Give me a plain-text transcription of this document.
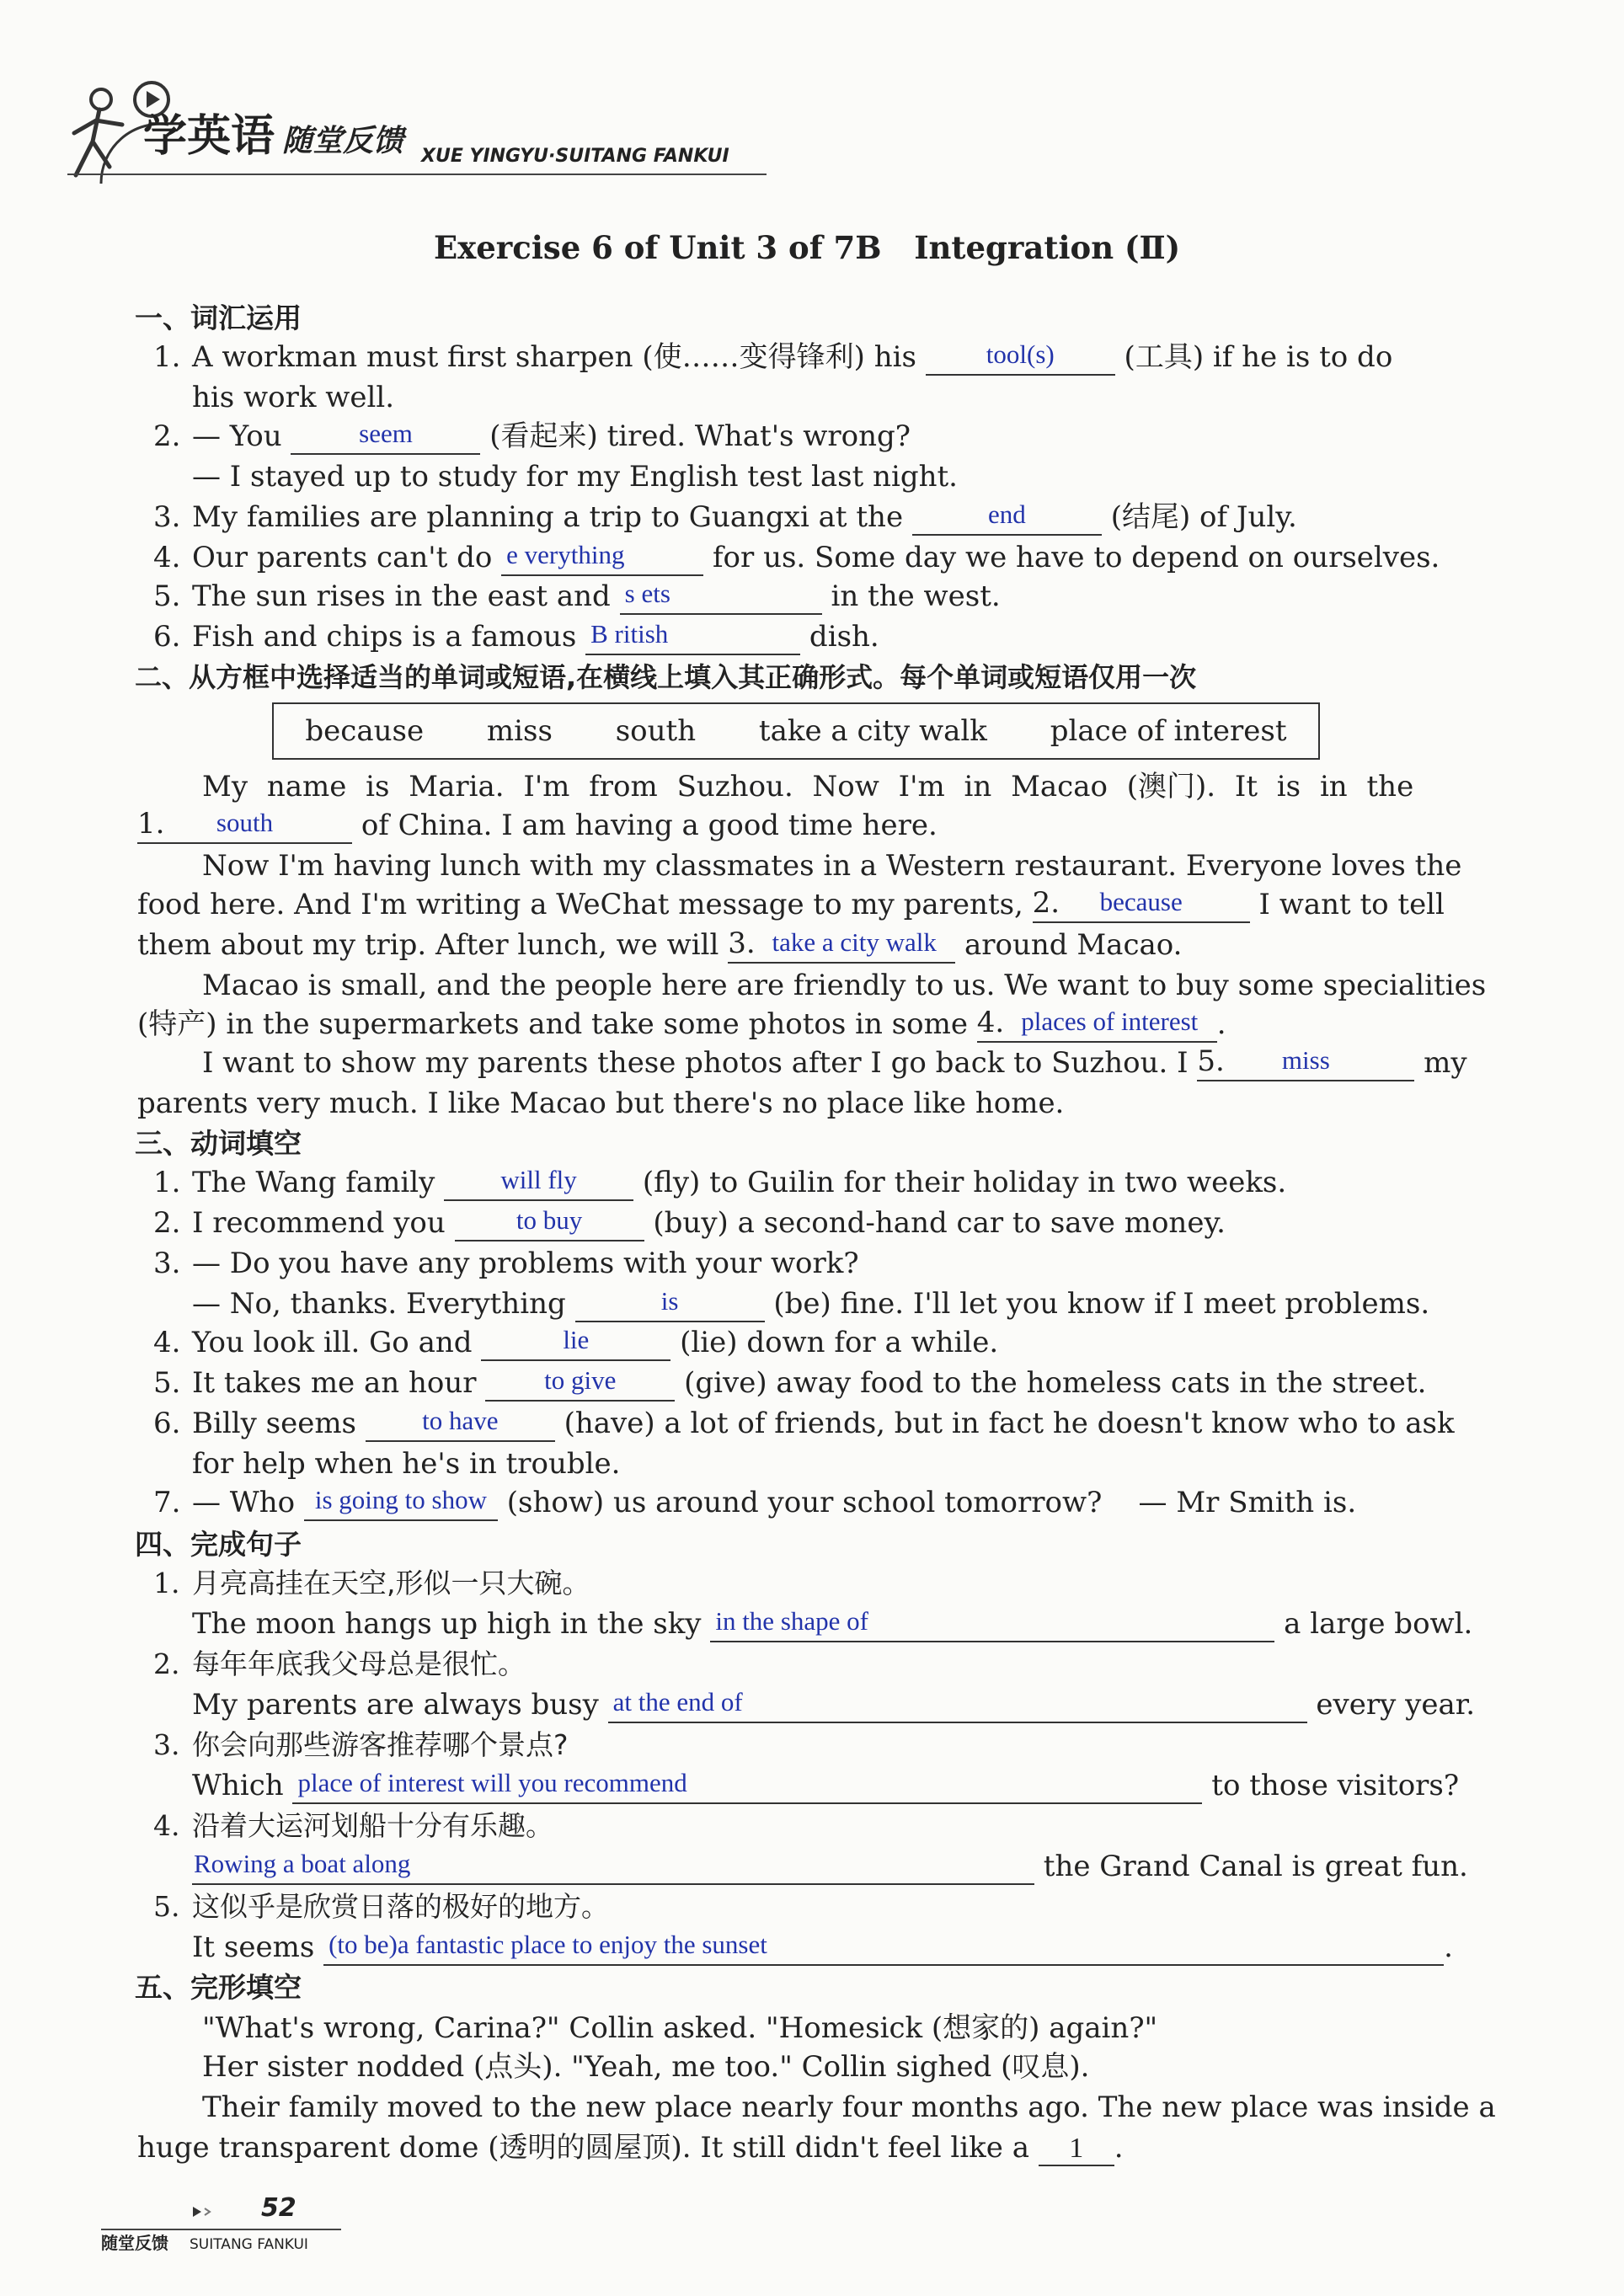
学英语 随堂反馈 XUE YINGYU·SUITANG FANKUI
Exercise 6 of Unit 3 of 7B   Integration (Ⅱ)
一、词汇运用
1. A workman must first sharpen (使……变得锋利) his	tool(s)	(工具) if he is to do
his work well.
2. — You	seem	(看起来) tired. What's wrong?
— I stayed up to study for my English test last night.
3. My families are planning a trip to Guangxi at the	end	(结尾) of July.
4. Our parents can't do e verything	for us. Some day we have to depend on ourselves.
5. The sun rises in the east and s ets	in the west.
6. Fish and chips is a famous B ritish	dish.
二、从方框中选择适当的单词或短语,在横线上填入其正确形式。每个单词或短语仅用一次
because miss south take a city walk place of interest
My name is Maria. I'm from Suzhou. Now I'm in Macao (澳门). It is in the
1.	south	of China. I am having a good time here.
Now I'm having lunch with my classmates in a Western restaurant. Everyone loves the
food here. And I'm writing a WeChat message to my parents, 2.	because	I want to tell
them about my trip. After lunch, we will 3. take a city walk around Macao.
Macao is small, and the people here are friendly to us. We want to buy some specialities
(特产) in the supermarkets and take some photos in some 4. places of interest .
I want to show my parents these photos after I go back to Suzhou. I 5.	miss	my
parents very much. I like Macao but there's no place like home.
三、动词填空
1. The Wang family	will fly	(fly) to Guilin for their holiday in two weeks.
2. I recommend you	to buy	(buy) a second-hand car to save money.
3. — Do you have any problems with your work?
— No, thanks. Everything	is	(be) fine. I'll let you know if I meet problems.
4. You look ill. Go and	lie	(lie) down for a while.
5. It takes me an hour	to give	(give) away food to the homeless cats in the street.
6. Billy seems	to have	(have) a lot of friends, but in fact he doesn't know who to ask
for help when he's in trouble.
7. — Who is going to show (show) us around your school tomorrow?    — Mr Smith is.
四、完成句子
1. 月亮高挂在天空,形似一只大碗。
The moon hangs up high in the sky in the shape of	a large bowl.
2. 每年年底我父母总是很忙。
My parents are always busy at the end of	every year.
3. 你会向那些游客推荐哪个景点?
Which place of interest will you recommend	to those visitors?
4. 沿着大运河划船十分有乐趣。
Rowing a boat along	the Grand Canal is great fun.
5. 这似乎是欣赏日落的极好的地方。
It seems (to be)a fantastic place to enjoy the sunset	.
五、完形填空
"What's wrong, Carina?" Collin asked. "Homesick (想家的) again?"
Her sister nodded (点头). "Yeah, me too." Collin sighed (叹息).
Their family moved to the new place nearly four months ago. The new place was inside a
huge transparent dome (透明的圆屋顶). It still didn't feel like a	1	.
52
随堂反馈 SUITANG FANKUI
